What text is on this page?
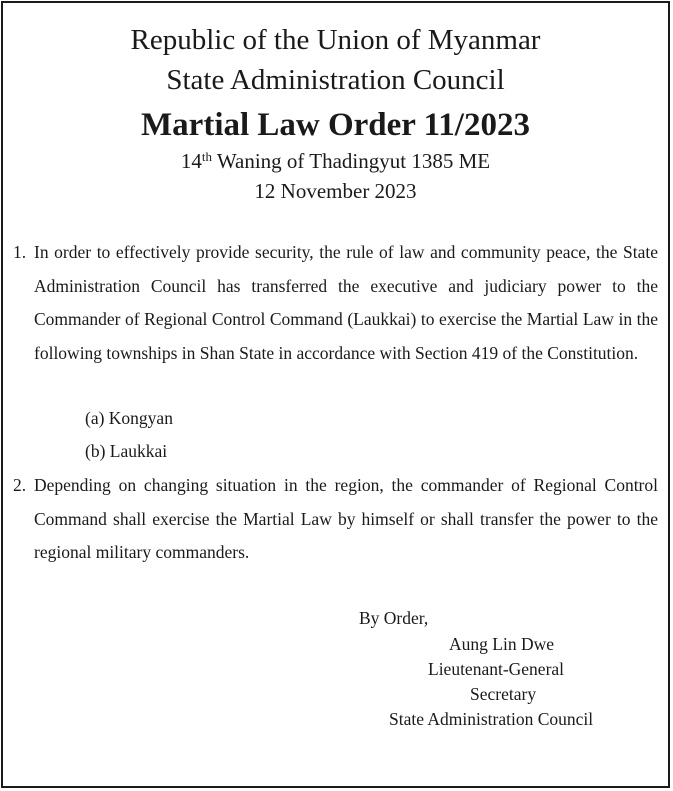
Republic of the Union of Myanmar
State Administration Council
Martial Law Order 11/2023
14th Waning of Thadingyut 1385 ME
12 November 2023
1. In order to effectively provide security, the rule of law and community peace, the State Administration Council has transferred the executive and judiciary power to the Commander of Regional Control Command (Laukkai) to exercise the Martial Law in the following townships in Shan State in accordance with Section 419 of the Constitution.
(a) Kongyan
(b) Laukkai
2. Depending on changing situation in the region, the commander of Regional Control Command shall exercise the Martial Law by himself or shall transfer the power to the regional military commanders.
By Order,
Aung Lin Dwe
Lieutenant-General
Secretary
State Administration Council
